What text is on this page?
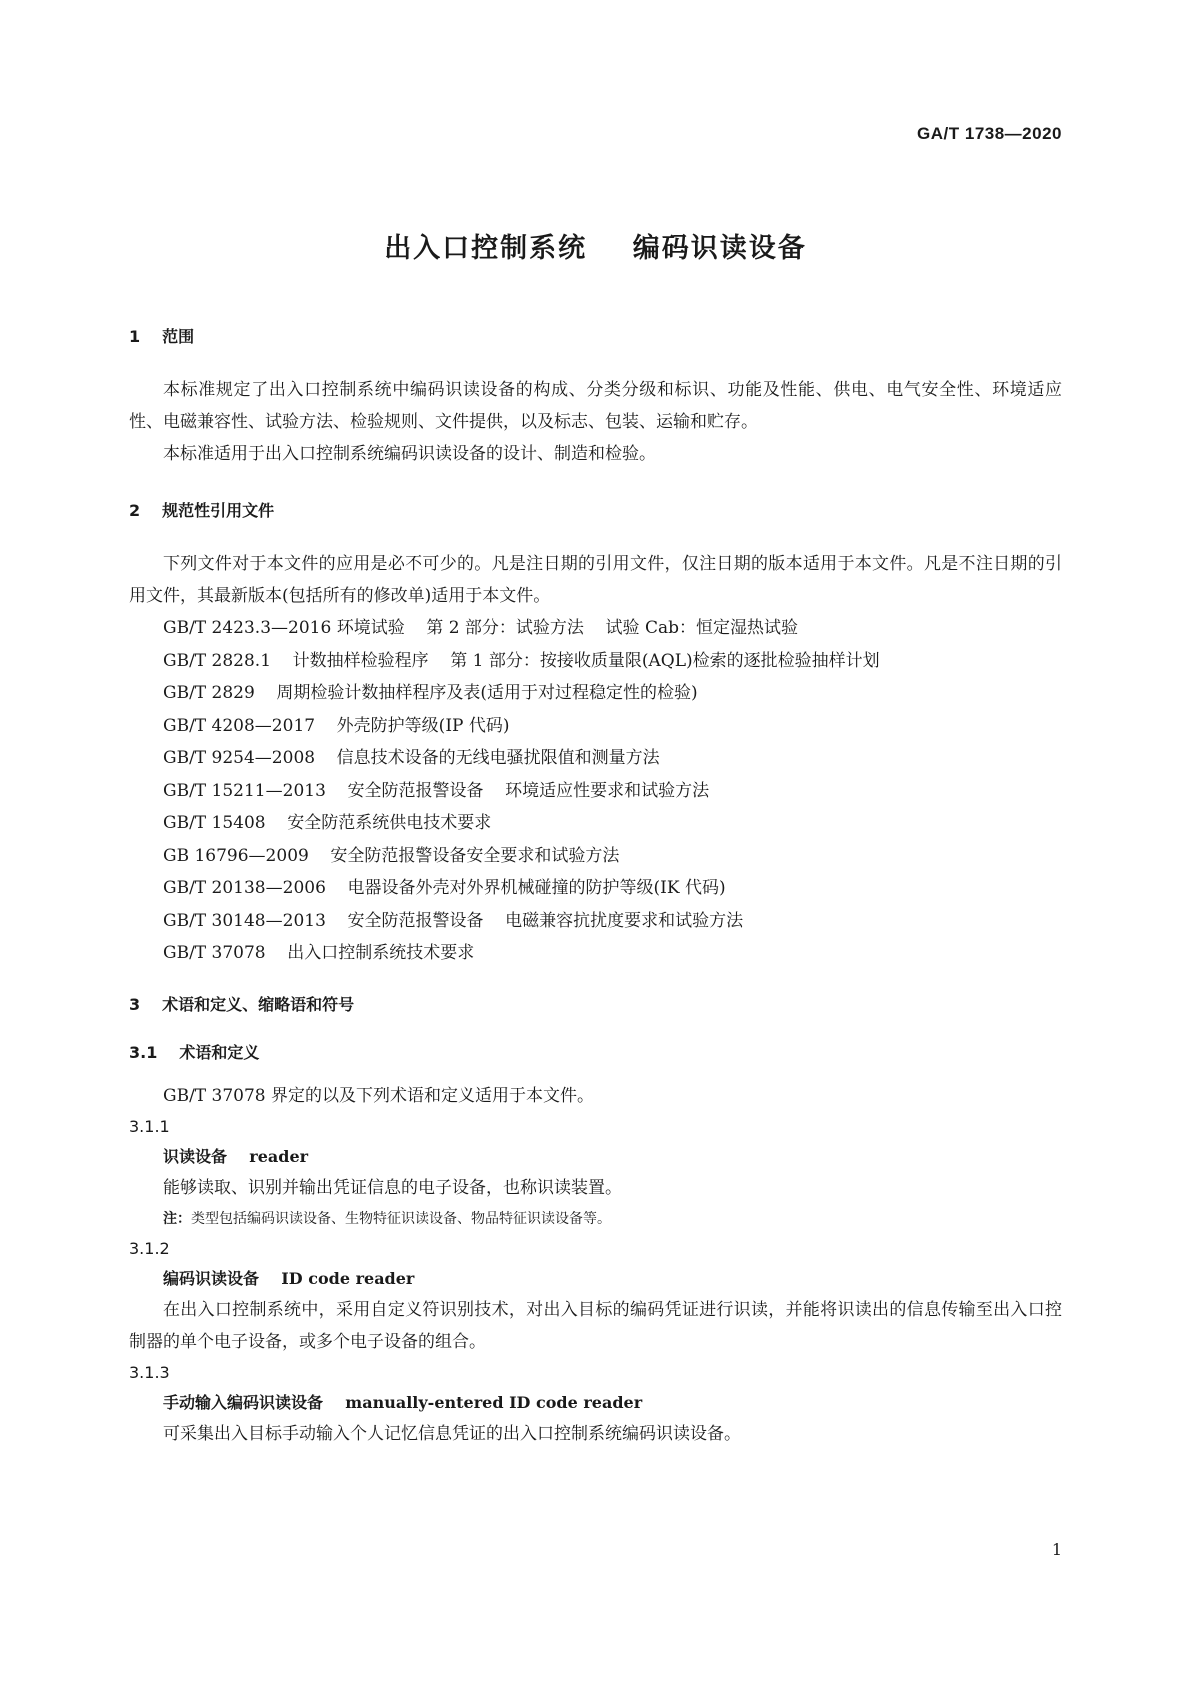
GA/T 1738—2020
出入口控制系统    编码识读设备
1 范围

本标准规定了出入口控制系统中编码识读设备的构成、分类分级和标识、功能及性能、供电、电气安全性、环境适应性、电磁兼容性、试验方法、检验规则、文件提供，以及标志、包装、运输和贮存。

本标准适用于出入口控制系统编码识读设备的设计、制造和检验。

2 规范性引用文件

下列文件对于本文件的应用是必不可少的。凡是注日期的引用文件，仅注日期的版本适用于本文件。凡是不注日期的引用文件，其最新版本(包括所有的修改单)适用于本文件。

GB/T 2423.3—2016 环境试验    第 2 部分：试验方法    试验 Cab：恒定湿热试验

GB/T 2828.1    计数抽样检验程序    第 1 部分：按接收质量限(AQL)检索的逐批检验抽样计划

GB/T 2829    周期检验计数抽样程序及表(适用于对过程稳定性的检验)

GB/T 4208—2017    外壳防护等级(IP 代码)

GB/T 9254—2008    信息技术设备的无线电骚扰限值和测量方法

GB/T 15211—2013    安全防范报警设备    环境适应性要求和试验方法

GB/T 15408    安全防范系统供电技术要求

GB 16796—2009    安全防范报警设备安全要求和试验方法

GB/T 20138—2006    电器设备外壳对外界机械碰撞的防护等级(IK 代码)

GB/T 30148—2013    安全防范报警设备    电磁兼容抗扰度要求和试验方法

GB/T 37078    出入口控制系统技术要求

3 术语和定义、缩略语和符号
3.1 术语和定义

GB/T 37078 界定的以及下列术语和定义适用于本文件。

3.1.1
识读设备 reader

能够读取、识别并输出凭证信息的电子设备，也称识读装置。

注：类型包括编码识读设备、生物特征识读设备、物品特征识读设备等。
3.1.2
编码识读设备 ID code reader

在出入口控制系统中，采用自定义符识别技术，对出入目标的编码凭证进行识读，并能将识读出的信息传输至出入口控制器的单个电子设备，或多个电子设备的组合。

3.1.3
手动输入编码识读设备 manually-entered ID code reader

可采集出入目标手动输入个人记忆信息凭证的出入口控制系统编码识读设备。

1
